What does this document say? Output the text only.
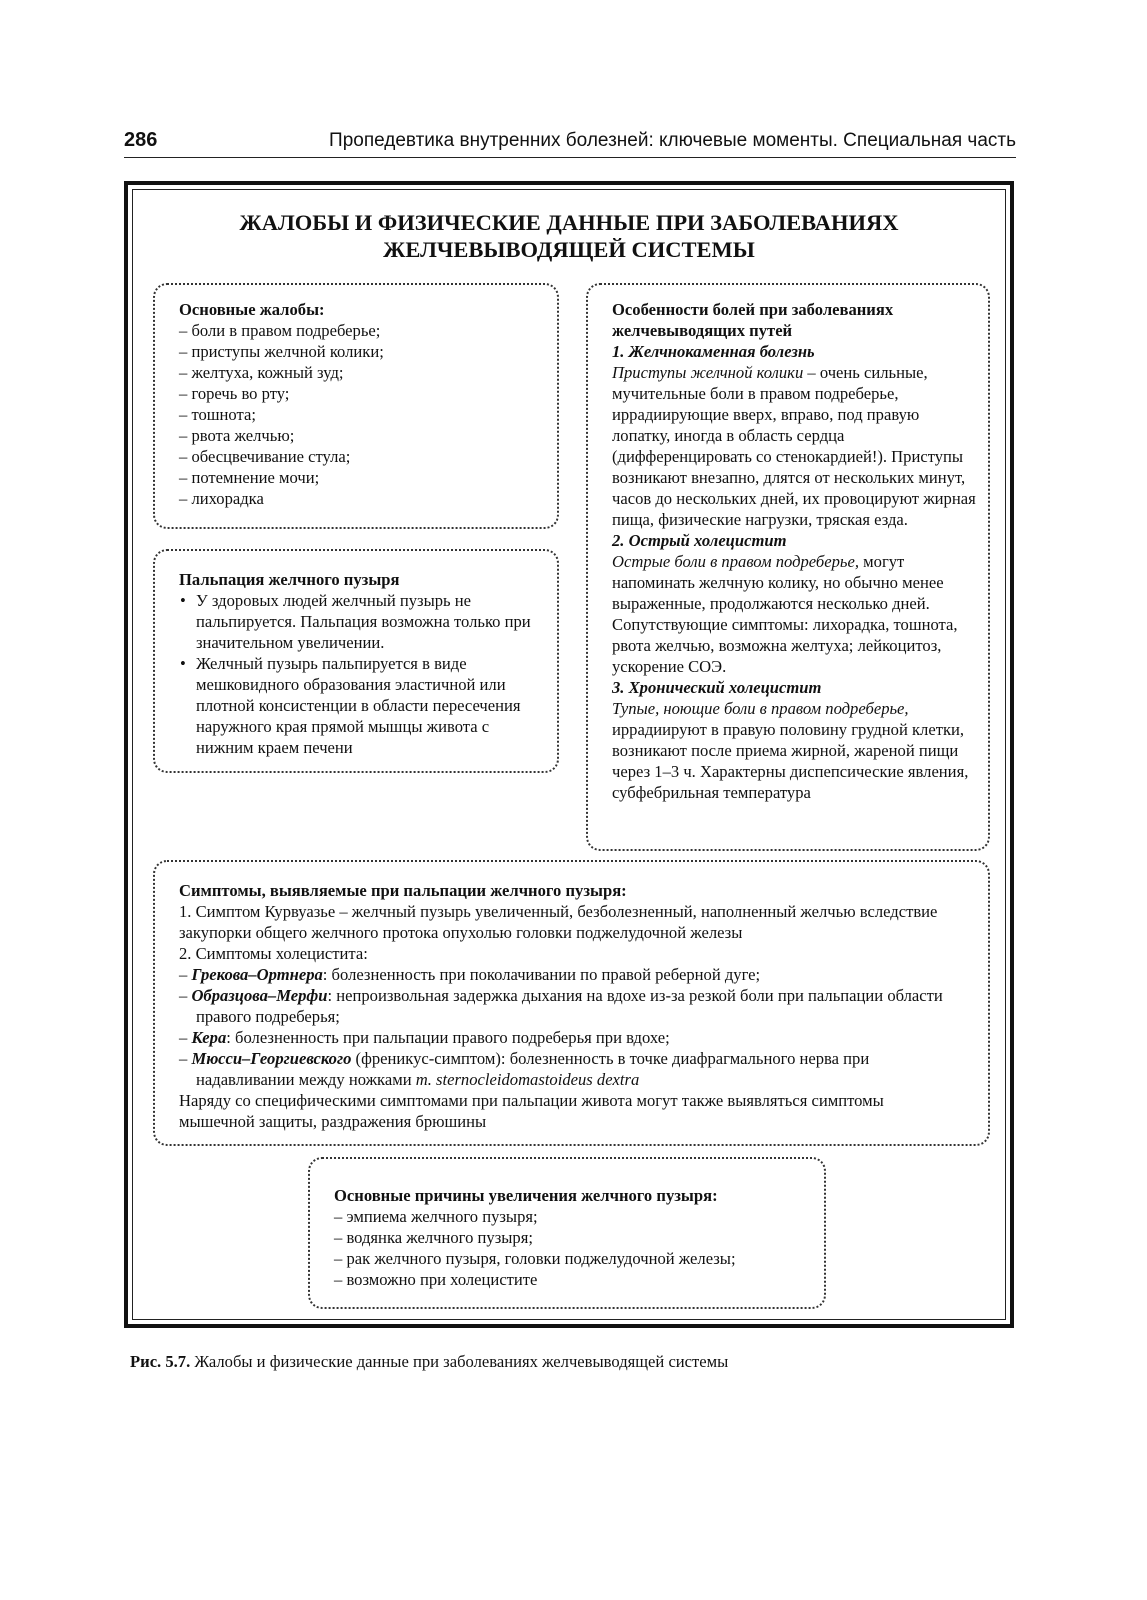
286	Пропедевтика внутренних болезней: ключевые моменты. Специальная часть
ЖАЛОБЫ И ФИЗИЧЕСКИЕ ДАННЫЕ ПРИ ЗАБОЛЕВАНИЯХ
ЖЕЛЧЕВЫВОДЯЩЕЙ СИСТЕМЫ
Основные жалобы:
– боли в правом подреберье;
– приступы желчной колики;
– желтуха, кожный зуд;
– горечь во рту;
– тошнота;
– рвота желчью;
– обесцвечивание стула;
– потемнение мочи;
– лихорадка
Пальпация желчного пузыря
• У здоровых людей желчный пузырь не пальпируется. Пальпация возможна только при значительном увеличении.
• Желчный пузырь пальпируется в виде мешковидного образования эластичной или плотной консистенции в области пересечения наружного края прямой мышцы живота с нижним краем печени
Особенности болей при заболеваниях желчевыводящих путей

1. Желчнокаменная болезнь

Приступы желчной колики – очень сильные, мучительные боли в правом подреберье, иррадиирующие вверх, вправо, под правую лопатку, иногда в область сердца (дифференцировать со стенокардией!). Приступы возникают внезапно, длятся от нескольких минут, часов до нескольких дней, их провоцируют жирная пища, физические нагрузки, тряская езда.

2. Острый холецистит

Острые боли в правом подреберье, могут напоминать желчную колику, но обычно менее выраженные, продолжаются несколько дней. Сопутствующие симптомы: лихорадка, тошнота, рвота желчью, возможна желтуха; лейкоцитоз, ускорение СОЭ.

3. Хронический холецистит

Тупые, ноющие боли в правом подреберье, иррадиируют в правую половину грудной клетки, возникают после приема жирной, жареной пищи через 1–3 ч. Характерны диспепсические явления, субфебрильная температура

Симптомы, выявляемые при пальпации желчного пузыря:

1. Симптом Курвуазье – желчный пузырь увеличенный, безболезненный, наполненный желчью вследствие закупорки общего желчного протока опухолью головки поджелудочной железы

2. Симптомы холецистита:

– Грекова–Ортнера: болезненность при поколачивании по правой реберной дуге;

– Образцова–Мерфи: непроизвольная задержка дыхания на вдохе из-за резкой боли при пальпации области правого подреберья;

– Кера: болезненность при пальпации правого подреберья при вдохе;

– Мюсси–Георгиевского (френикус-симптом): болезненность в точке диафрагмального нерва при надавливании между ножками m. sternocleidomastoideus dextra

Наряду со специфическими симптомами при пальпации живота могут также выявляться симптомы мышечной защиты, раздражения брюшины

Основные причины увеличения желчного пузыря:
– эмпиема желчного пузыря;
– водянка желчного пузыря;
– рак желчного пузыря, головки поджелудочной железы;
– возможно при холецистите
Рис. 5.7. Жалобы и физические данные при заболеваниях желчевыводящей системы
